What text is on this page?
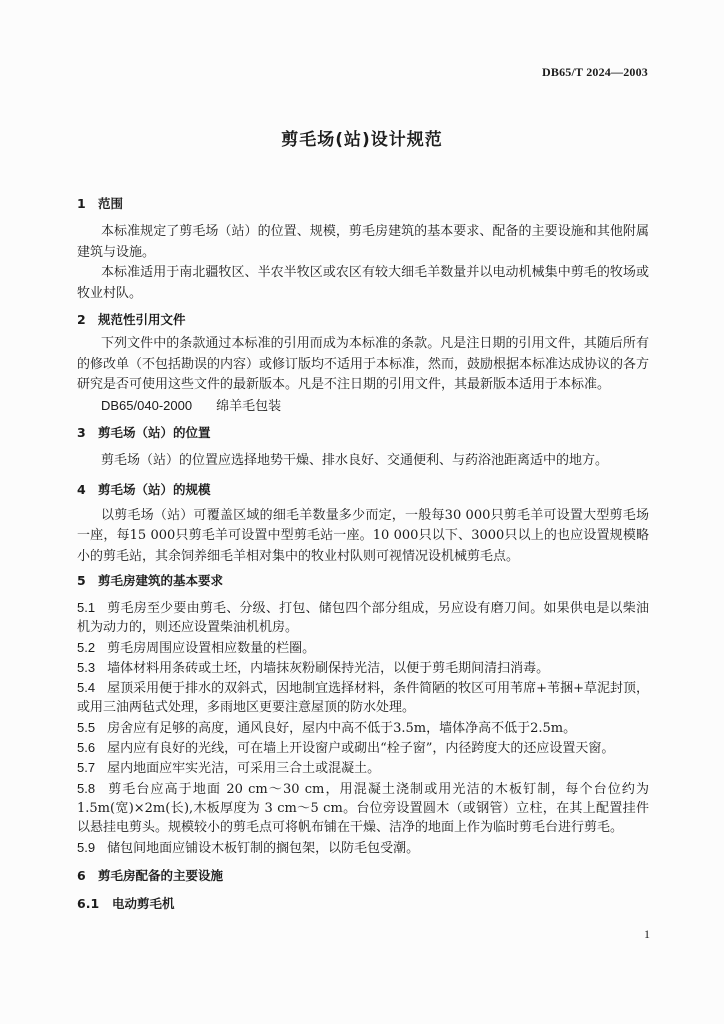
DB65/T 2024—2003
剪毛场(站)设计规范
1 范围

本标准规定了剪毛场（站）的位置、规模，剪毛房建筑的基本要求、配备的主要设施和其他附属建筑与设施。

本标准适用于南北疆牧区、半农半牧区或农区有较大细毛羊数量并以电动机械集中剪毛的牧场或牧业村队。

2 规范性引用文件

下列文件中的条款通过本标准的引用而成为本标准的条款。凡是注日期的引用文件，其随后所有的修改单（不包括勘误的内容）或修订版均不适用于本标准，然而，鼓励根据本标准达成协议的各方研究是否可使用这些文件的最新版本。凡是不注日期的引用文件，其最新版本适用于本标准。

DB65/040-2000 绵羊毛包装

3 剪毛场（站）的位置

剪毛场（站）的位置应选择地势干燥、排水良好、交通便利、与药浴池距离适中的地方。

4 剪毛场（站）的规模

以剪毛场（站）可覆盖区域的细毛羊数量多少而定，一般每30 000只剪毛羊可设置大型剪毛场一座，每15 000只剪毛羊可设置中型剪毛站一座。10 000只以下、3000只以上的也应设置规模略小的剪毛站，其余饲养细毛羊相对集中的牧业村队则可视情况设机械剪毛点。

5 剪毛房建筑的基本要求

5.1 剪毛房至少要由剪毛、分级、打包、储包四个部分组成，另应设有磨刀间。如果供电是以柴油机为动力的，则还应设置柴油机机房。

5.2 剪毛房周围应设置相应数量的栏圈。

5.3 墙体材料用条砖或土坯，内墙抹灰粉刷保持光洁，以便于剪毛期间清扫消毒。

5.4 屋顶采用便于排水的双斜式，因地制宜选择材料，条件简陋的牧区可用苇席+苇捆+草泥封顶，或用三油两毡式处理，多雨地区更要注意屋顶的防水处理。

5.5 房舍应有足够的高度，通风良好，屋内中高不低于3.5m，墙体净高不低于2.5m。

5.6 屋内应有良好的光线，可在墙上开设窗户或砌出“栓子窗”，内径跨度大的还应设置天窗。

5.7 屋内地面应牢实光洁，可采用三合土或混凝土。

5.8 剪毛台应高于地面 20 cm～30 cm，用混凝土浇制或用光洁的木板钉制，每个台位约为 1.5m(宽)×2m(长),木板厚度为 3 cm～5 cm。台位旁设置圆木（或钢管）立柱，在其上配置挂件以悬挂电剪头。规模较小的剪毛点可将帆布铺在干燥、洁净的地面上作为临时剪毛台进行剪毛。

5.9 储包间地面应铺设木板钉制的搁包架，以防毛包受潮。

6 剪毛房配备的主要设施
6.1 电动剪毛机
1
